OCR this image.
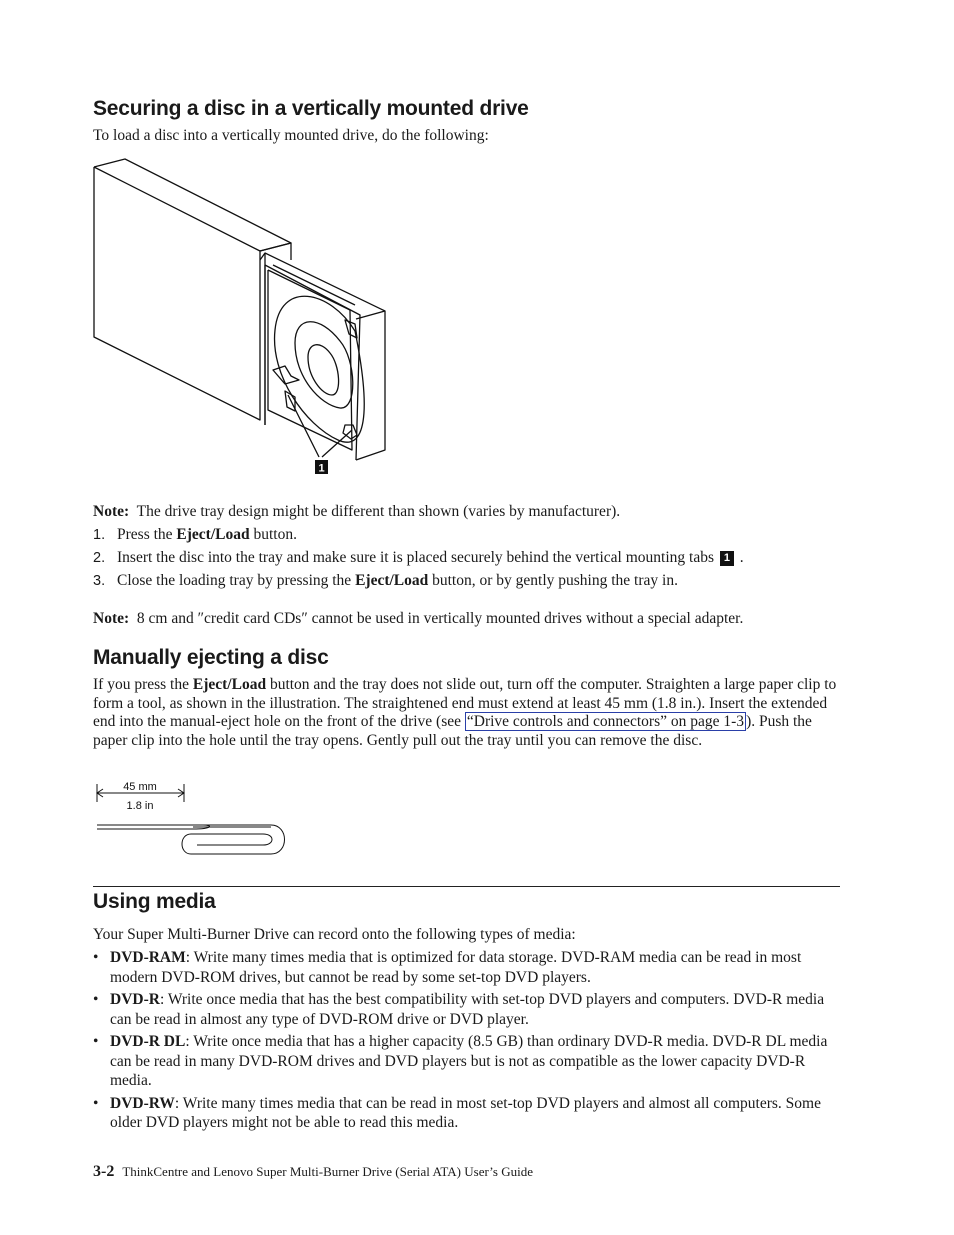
Securing a disc in a vertically mounted drive

To load a disc into a vertically mounted drive, do the following:

1

Note: The drive tray design might be different than shown (varies by manufacturer).

1. Press the Eject/Load button.
2. Insert the disc into the tray and make sure it is placed securely behind the vertical mounting tabs 1 .
3. Close the loading tray by pressing the Eject/Load button, or by gently pushing the tray in.

Note: 8 cm and ″credit card CDs″ cannot be used in vertically mounted drives without a special adapter.

Manually ejecting a disc

If you press the Eject/Load button and the tray does not slide out, turn off the computer. Straighten a large paper clip to form a tool, as shown in the illustration. The straightened end must extend at least 45 mm (1.8 in.). Insert the extended end into the manual-eject hole on the front of the drive (see “Drive controls and connectors” on page 1-3 ). Push the paper clip into the hole until the tray opens. Gently pull out the tray until you can remove the disc.

45 mm
1.8 in
Using media

Your Super Multi-Burner Drive can record onto the following types of media:

• DVD-RAM: Write many times media that is optimized for data storage. DVD-RAM media can be read in most modern DVD-ROM drives, but cannot be read by some set-top DVD players.
• DVD-R: Write once media that has the best compatibility with set-top DVD players and computers. DVD-R media can be read in almost any type of DVD-ROM drive or DVD player.
• DVD-R DL: Write once media that has a higher capacity (8.5 GB) than ordinary DVD-R media. DVD-R DL media can be read in many DVD-ROM drives and DVD players but is not as compatible as the lower capacity DVD-R media.
• DVD-RW: Write many times media that can be read in most set-top DVD players and almost all computers. Some older DVD players might not be able to read this media.
3-2 ThinkCentre and Lenovo Super Multi-Burner Drive (Serial ATA) User’s Guide
